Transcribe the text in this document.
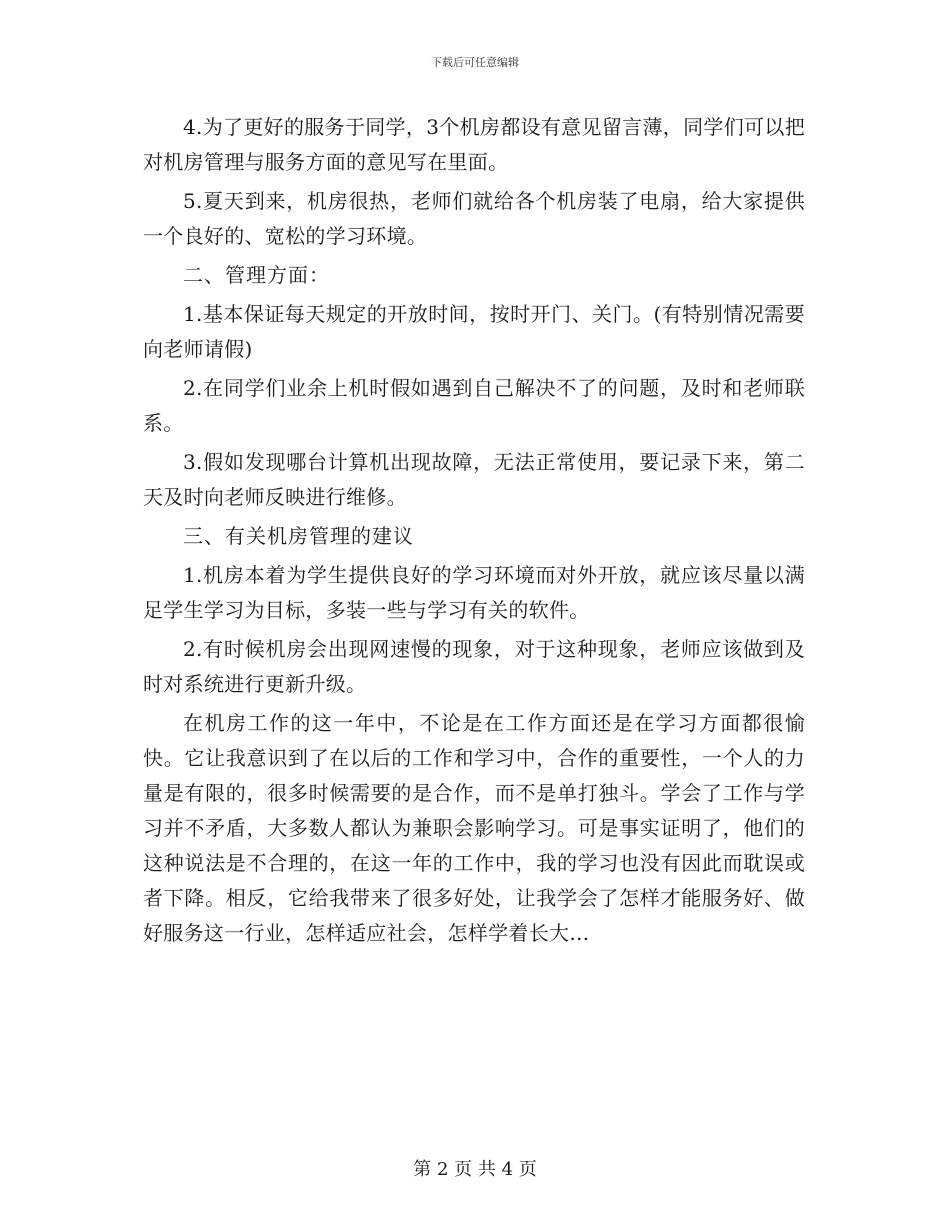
下载后可任意编辑

4.为了更好的服务于同学，3个机房都设有意见留言薄，同学们可以把对机房管理与服务方面的意见写在里面。

5.夏天到来，机房很热，老师们就给各个机房装了电扇，给大家提供一个良好的、宽松的学习环境。

二、管理方面：

1.基本保证每天规定的开放时间，按时开门、关门。(有特别情况需要向老师请假)

2.在同学们业余上机时假如遇到自己解决不了的问题，及时和老师联系。

3.假如发现哪台计算机出现故障，无法正常使用，要记录下来，第二天及时向老师反映进行维修。

三、有关机房管理的建议

1.机房本着为学生提供良好的学习环境而对外开放，就应该尽量以满足学生学习为目标，多装一些与学习有关的软件。

2.有时候机房会出现网速慢的现象，对于这种现象，老师应该做到及时对系统进行更新升级。

在机房工作的这一年中，不论是在工作方面还是在学习方面都很愉快。它让我意识到了在以后的工作和学习中，合作的重要性，一个人的力量是有限的，很多时候需要的是合作，而不是单打独斗。学会了工作与学习并不矛盾，大多数人都认为兼职会影响学习。可是事实证明了，他们的这种说法是不合理的，在这一年的工作中，我的学习也没有因此而耽误或者下降。相反，它给我带来了很多好处，让我学会了怎样才能服务好、做好服务这一行业，怎样适应社会，怎样学着长大…

第 2 页 共 4 页
